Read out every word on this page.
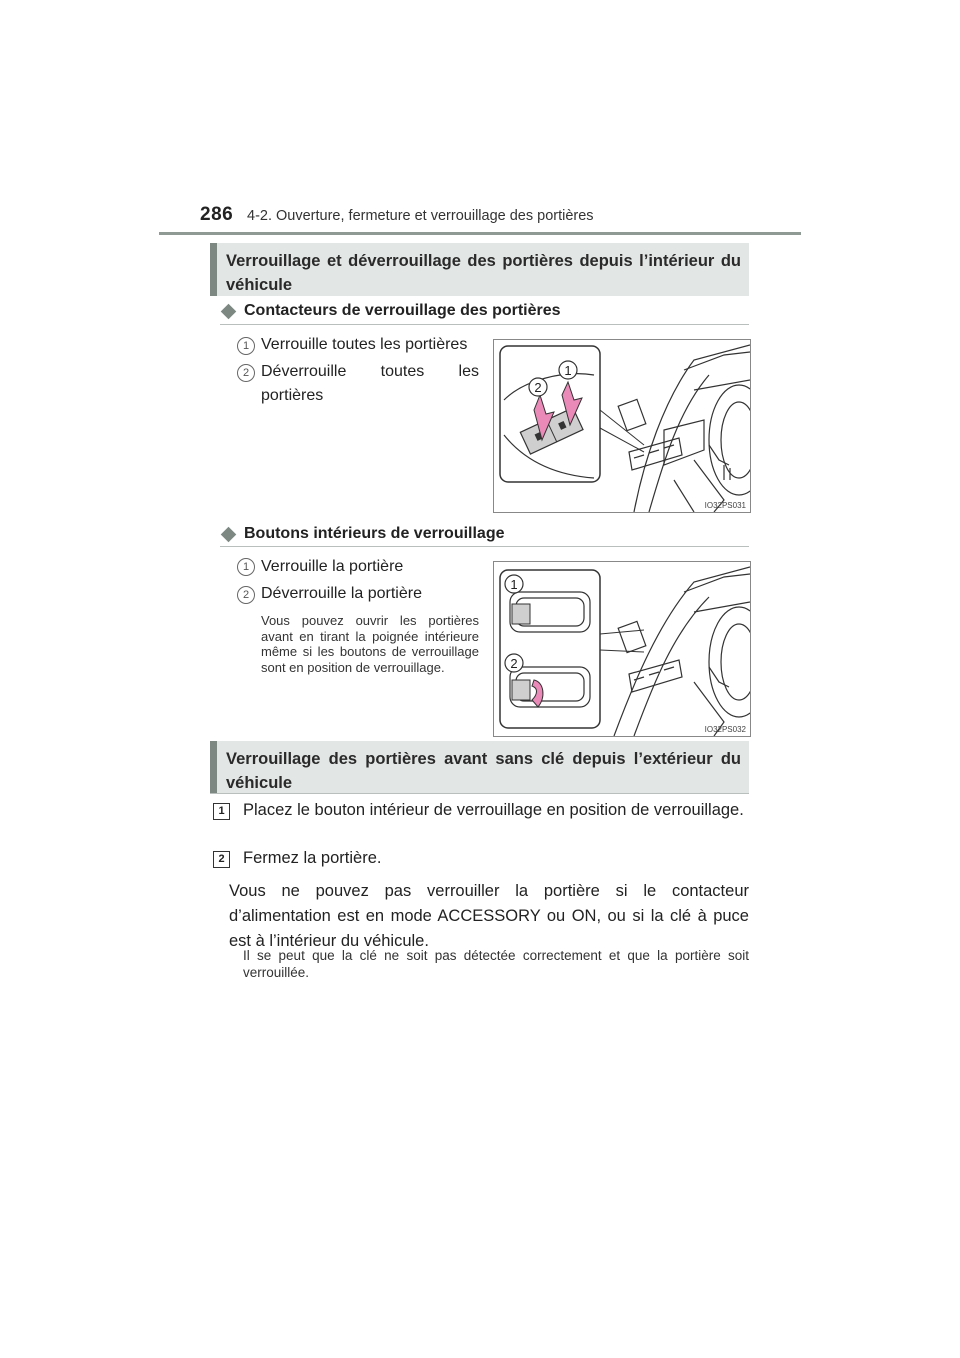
286 4-2. Ouverture, fermeture et verrouillage des portières
Verrouillage et déverrouillage des portières depuis l’intérieur du véhicule
Contacteurs de verrouillage des portières
1 Verrouille toutes les portières
2 Déverrouille toutes les portières	2
1
IO32PS031
Boutons intérieurs de verrouillage
1 Verrouille la portière
2 Déverrouille la portière
Vous pouvez ouvrir les portières avant en tirant la poignée intérieure même si les boutons de verrouillage sont en position de verrouillage.
1
2
IO32PS032
Verrouillage des portières avant sans clé depuis l’extérieur du véhicule
1	Placez le bouton intérieur de verrouillage en position de verrouillage.
2	Fermez la portière.
Vous ne pouvez pas verrouiller la portière si le contacteur d’alimentation est en mode ACCESSORY ou ON, ou si la clé à puce est à l’intérieur du véhicule.
Il se peut que la clé ne soit pas détectée correctement et que la portière soit verrouillée.
